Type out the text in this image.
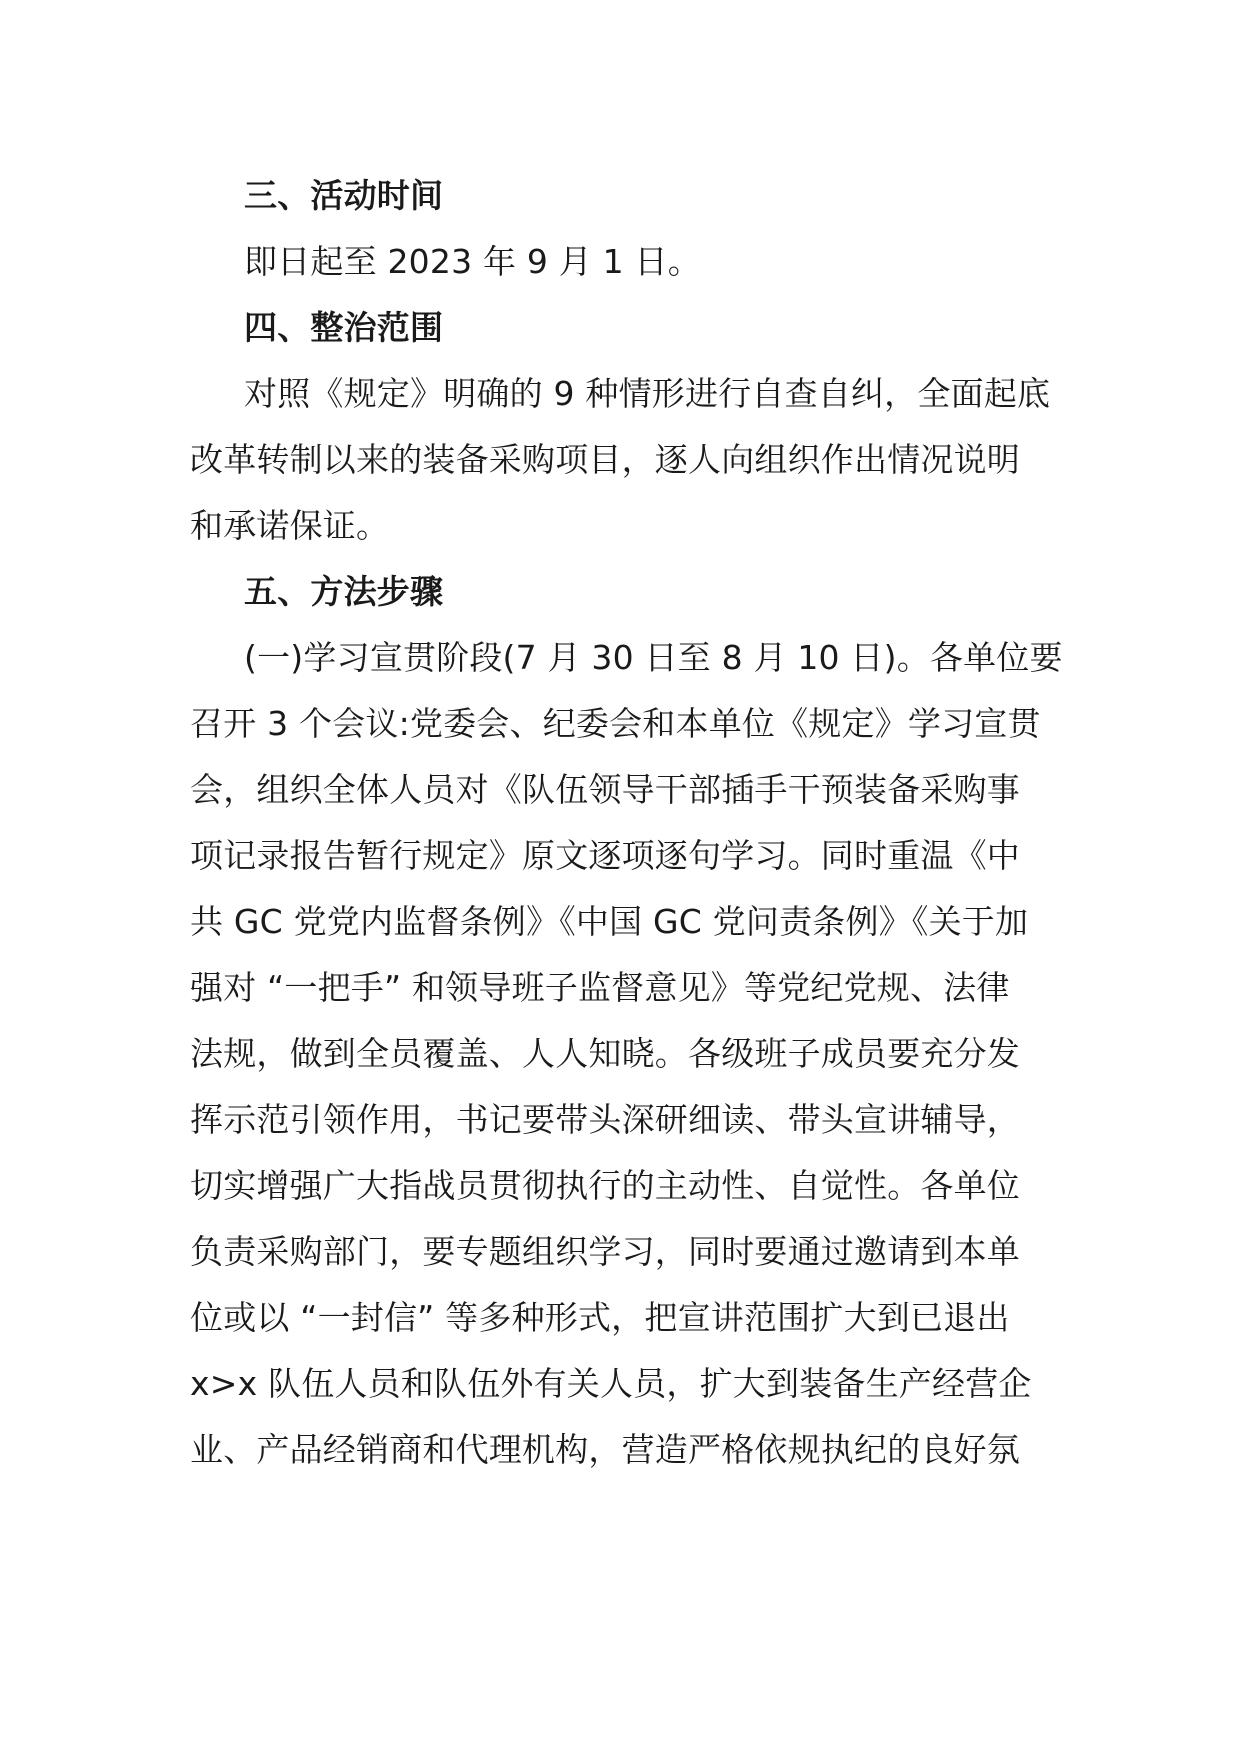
三、活动时间
即日起至 2023 年 9 月 1 日。
四、整治范围
对照《规定》明确的 9 种情形进行自查自纠，全面起底
改革转制以来的装备采购项目，逐人向组织作出情况说明
和承诺保证。
五、方法步骤
(一)学习宣贯阶段(7 月 30 日至 8 月 10 日)。各单位要
召开 3 个会议:党委会、纪委会和本单位《规定》学习宣贯
会，组织全体人员对《队伍领导干部插手干预装备采购事
项记录报告暂行规定》原文逐项逐句学习。同时重温《中
共 GC 党党内监督条例》《中国 GC 党问责条例》《关于加
强对 “一把手” 和领导班子监督意见》等党纪党规、法律
法规，做到全员覆盖、人人知晓。各级班子成员要充分发
挥示范引领作用，书记要带头深研细读、带头宣讲辅导，
切实增强广大指战员贯彻执行的主动性、自觉性。各单位
负责采购部门，要专题组织学习，同时要通过邀请到本单
位或以 “一封信” 等多种形式，把宣讲范围扩大到已退出
x>x 队伍人员和队伍外有关人员，扩大到装备生产经营企
业、产品经销商和代理机构，营造严格依规执纪的良好氛
